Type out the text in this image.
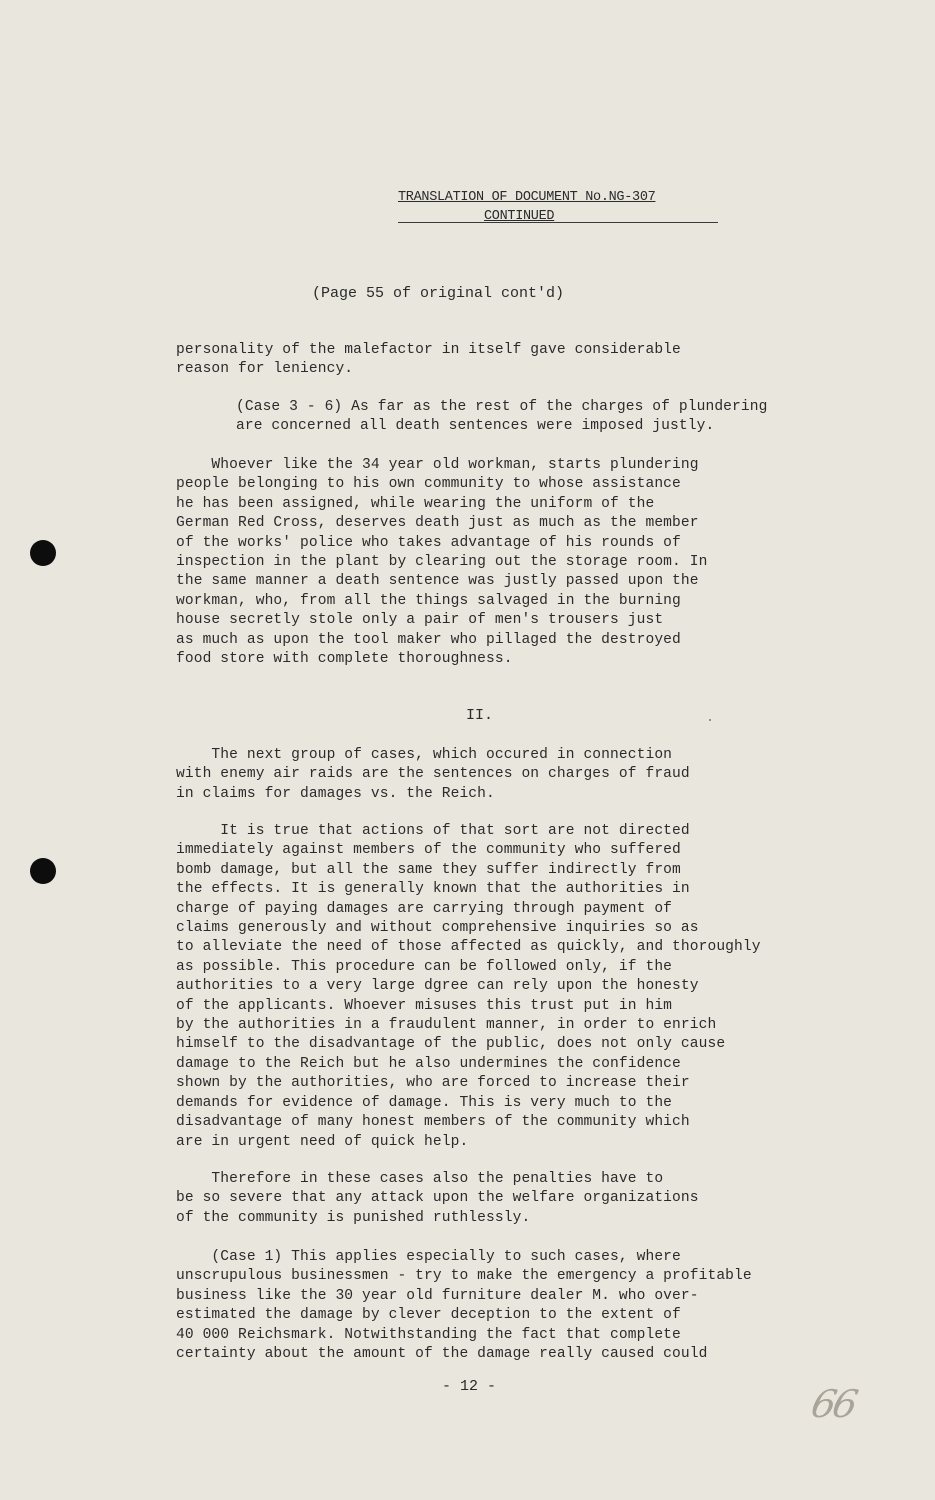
TRANSLATION OF DOCUMENT No.NG-307
CONTINUED
(Page 55 of original cont'd)
personality of the malefactor in itself gave considerable
reason for leniency.
(Case 3 - 6) As far as the rest of the charges of plundering
are concerned all death sentences were imposed justly.
Whoever like the 34 year old workman, starts plundering
people belonging to his own community to whose assistance
he has been assigned, while wearing the uniform of the
German Red Cross, deserves death just as much as the member
of the works' police who takes advantage of his rounds of
inspection in the plant by clearing out the storage room. In
the same manner a death sentence was justly passed upon the
workman, who, from all the things salvaged in the burning
house secretly stole only a pair of men's trousers just
as much as upon the tool maker who pillaged the destroyed
food store with complete thoroughness.
II.
The next group of cases, which occured in connection
with enemy air raids are the sentences on charges of fraud
in claims for damages vs. the Reich.
It is true that actions of that sort are not directed
immediately against members of the community who suffered
bomb damage, but all the same they suffer indirectly from
the effects. It is generally known that the authorities in
charge of paying damages are carrying through payment of
claims generously and without comprehensive inquiries so as
to alleviate the need of those affected as quickly, and thoroughly
as possible. This procedure can be followed only, if the
authorities to a very large dgree can rely upon the honesty
of the applicants. Whoever misuses this trust put in him
by the authorities in a fraudulent manner, in order to enrich
himself to the disadvantage of the public, does not only cause
damage to the Reich but he also undermines the confidence
shown by the authorities, who are forced to increase their
demands for evidence of damage. This is very much to the
disadvantage of many honest members of the community which
are in urgent need of quick help.
Therefore in these cases also the penalties have to
be so severe that any attack upon the welfare organizations
of the community is punished ruthlessly.
(Case 1) This applies especially to such cases, where
unscrupulous businessmen - try to make the emergency a profitable
business like the 30 year old furniture dealer M. who over-
estimated the damage by clever deception to the extent of
40 000 Reichsmark. Notwithstanding the fact that complete
certainty about the amount of the damage really caused could
- 12 -	66
